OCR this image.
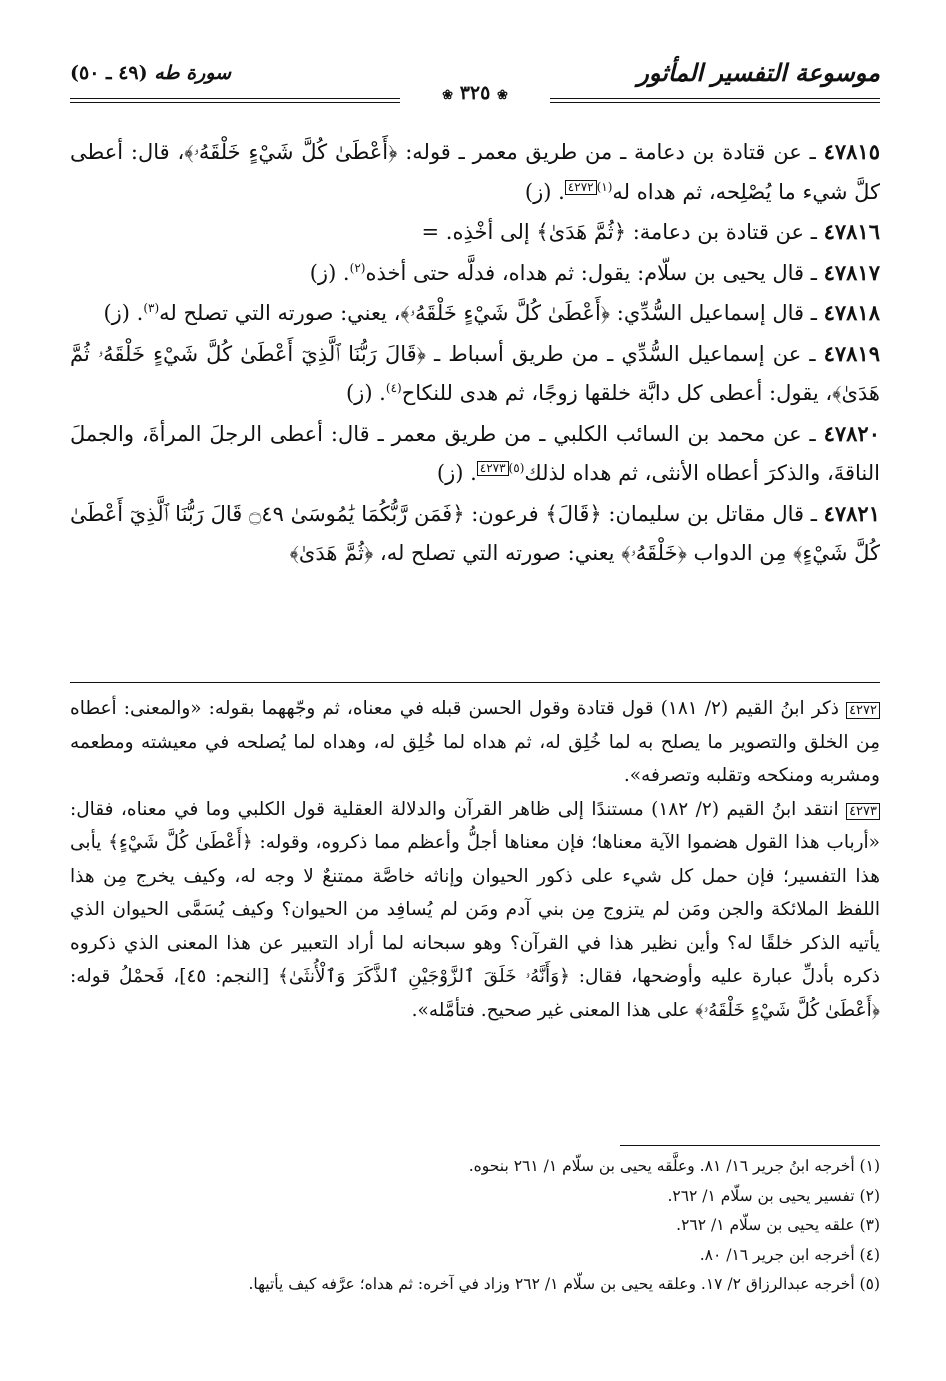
موسوعة التفسير المأثور
سورة طه (٤٩ ـ ٥٠)
❀ ٣٢٥ ❀

٤٧٨١٥ ـ عن قتادة بن دعامة ـ من طريق معمر ـ قوله: ﴿أَعْطَىٰ كُلَّ شَيْءٍ خَلْقَهُۥ﴾، قال: أعطى كلَّ شيء ما يُصْلِحه، ثم هداه له$^{(١)}$٤٢٧٢. (ز)

٤٧٨١٦ ـ عن قتادة بن دعامة: ﴿ثُمَّ هَدَىٰ﴾ إلى أخْذِه. =

٤٧٨١٧ ـ قال يحيى بن سلّام: يقول: ثم هداه، فدلَّه حتى أخذه$^{(٢)}$. (ز)

٤٧٨١٨ ـ قال إسماعيل السُّدِّي: ﴿أَعْطَىٰ كُلَّ شَيْءٍ خَلْقَهُۥ﴾، يعني: صورته التي تصلح له$^{(٣)}$. (ز)

٤٧٨١٩ ـ عن إسماعيل السُّدِّي ـ من طريق أسباط ـ ﴿قَالَ رَبُّنَا ٱلَّذِيٓ أَعْطَىٰ كُلَّ شَيْءٍ خَلْقَهُۥ ثُمَّ هَدَىٰ﴾، يقول: أعطى كل دابَّة خلقها زوجًا، ثم هدى للنكاح$^{(٤)}$. (ز)

٤٧٨٢٠ ـ عن محمد بن السائب الكلبي ـ من طريق معمر ـ قال: أعطى الرجلَ المرأةَ، والجملَ الناقةَ، والذكرَ أعطاه الأنثى، ثم هداه لذلك$^{(٥)}$٤٢٧٣. (ز)

٤٧٨٢١ ـ قال مقاتل بن سليمان: ﴿قَالَ﴾ فرعون: ﴿فَمَن رَّبُّكُمَا يَٰمُوسَىٰ ۝٤٩ قَالَ رَبُّنَا ٱلَّذِيٓ أَعْطَىٰ كُلَّ شَيْءٍ﴾ مِن الدواب ﴿خَلْقَهُۥ﴾ يعني: صورته التي تصلح له، ﴿ثُمَّ هَدَىٰ﴾

٤٢٧٢ ذكر ابنُ القيم (٢/ ١٨١) قول قتادة وقول الحسن قبله في معناه، ثم وجّههما بقوله: «والمعنى: أعطاه مِن الخلق والتصوير ما يصلح به لما خُلِق له، ثم هداه لما خُلِق له، وهداه لما يُصلحه في معيشته ومطعمه ومشربه ومنكحه وتقلبه وتصرفه».

٤٢٧٣ انتقد ابنُ القيم (٢/ ١٨٢) مستندًا إلى ظاهر القرآن والدلالة العقلية قول الكلبي وما في معناه، فقال: «أرباب هذا القول هضموا الآية معناها؛ فإن معناها أجلُّ وأعظم مما ذكروه، وقوله: ﴿أَعْطَىٰ كُلَّ شَيْءٍ﴾ يأبى هذا التفسير؛ فإن حمل كل شيء على ذكور الحيوان وإناثه خاصَّة ممتنعٌ لا وجه له، وكيف يخرج مِن هذا اللفظ الملائكة والجن ومَن لم يتزوج مِن بني آدم ومَن لم يُسافِد من الحيوان؟ وكيف يُسَمَّى الحيوان الذي يأتيه الذكر خلقًا له؟ وأين نظير هذا في القرآن؟ وهو سبحانه لما أراد التعبير عن هذا المعنى الذي ذكروه ذكره بأدلِّ عبارة عليه وأوضحها، فقال: ﴿وَأَنَّهُۥ خَلَقَ ٱلزَّوْجَيْنِ ٱلذَّكَرَ وَٱلْأُنثَىٰ﴾ [النجم: ٤٥]، فَحمْلُ قوله: ﴿أَعْطَىٰ كُلَّ شَيْءٍ خَلْقَهُۥ﴾ على هذا المعنى غير صحيح. فتأمَّله».

(١) أخرجه ابنُ جرير ١٦/ ٨١. وعلَّقه يحيى بن سلّام ١/ ٢٦١ بنحوه.

(٢) تفسير يحيى بن سلّام ١/ ٢٦٢.

(٣) علقه يحيى بن سلّام ١/ ٢٦٢.

(٤) أخرجه ابن جرير ١٦/ ٨٠.

(٥) أخرجه عبدالرزاق ٢/ ١٧. وعلقه يحيى بن سلّام ١/ ٢٦٢ وزاد في آخره: ثم هداه؛ عرَّفه كيف يأتيها.
